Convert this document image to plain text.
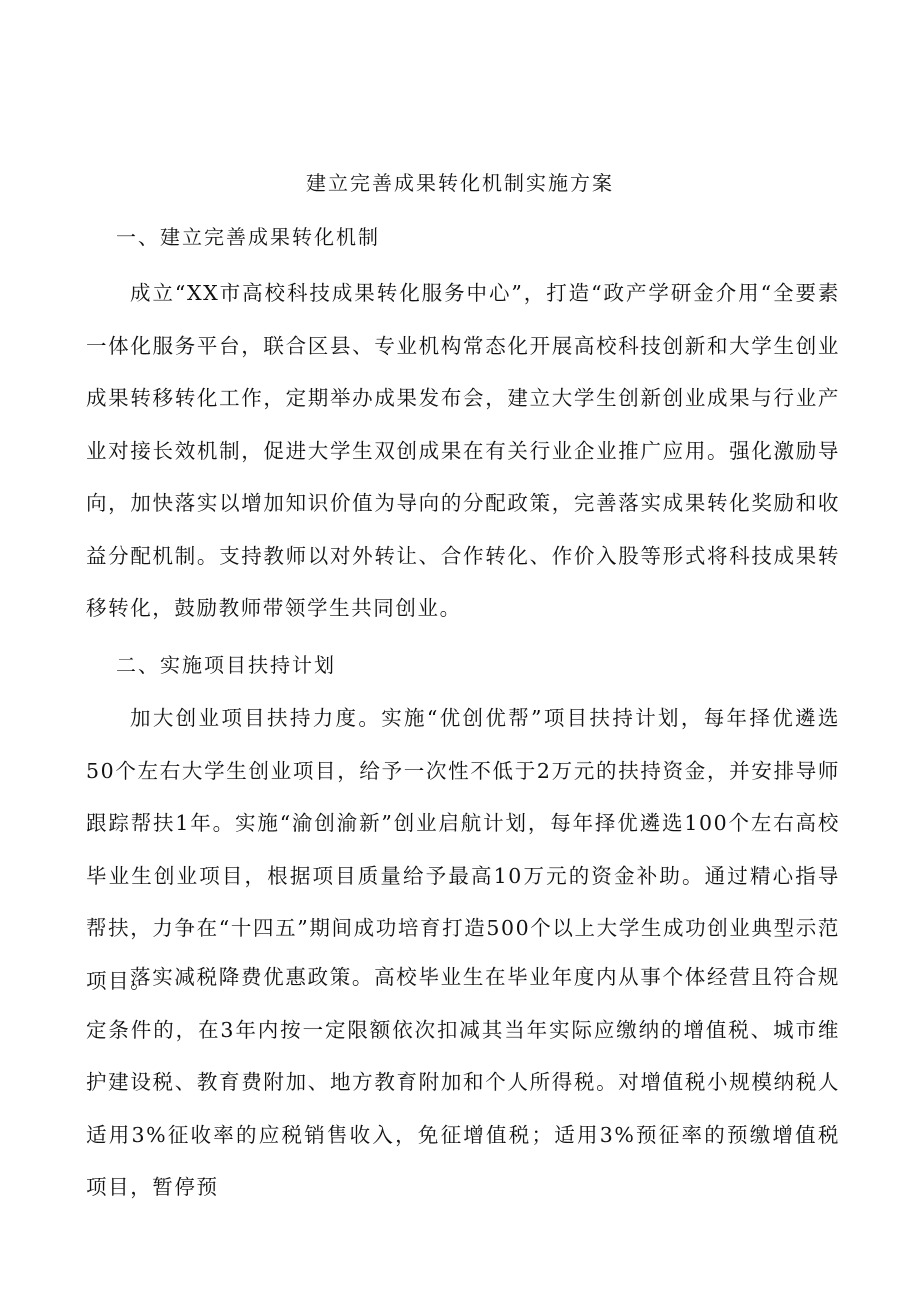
建立完善成果转化机制实施方案
一、建立完善成果转化机制

成立“XX市高校科技成果转化服务中心”，打造“政产学研金介用“全要素一体化服务平台，联合区县、专业机构常态化开展高校科技创新和大学生创业成果转移转化工作，定期举办成果发布会，建立大学生创新创业成果与行业产业对接长效机制，促进大学生双创成果在有关行业企业推广应用。强化激励导向，加快落实以增加知识价值为导向的分配政策，完善落实成果转化奖励和收益分配机制。支持教师以对外转让、合作转化、作价入股等形式将科技成果转移转化，鼓励教师带领学生共同创业。

二、实施项目扶持计划

加大创业项目扶持力度。实施“优创优帮”项目扶持计划，每年择优遴选50个左右大学生创业项目，给予一次性不低于2万元的扶持资金，并安排导师跟踪帮扶1年。实施“渝创渝新”创业启航计划，每年择优遴选100个左右高校毕业生创业项目，根据项目质量给予最高10万元的资金补助。通过精心指导帮扶，力争在“十四五”期间成功培育打造500个以上大学生成功创业典型示范项目。

落实减税降费优惠政策。高校毕业生在毕业年度内从事个体经营且符合规定条件的，在3年内按一定限额依次扣减其当年实际应缴纳的增值税、城市维护建设税、教育费附加、地方教育附加和个人所得税。对增值税小规模纳税人适用3%征收率的应税销售收入，免征增值税；适用3%预征率的预缴增值税项目，暂停预
